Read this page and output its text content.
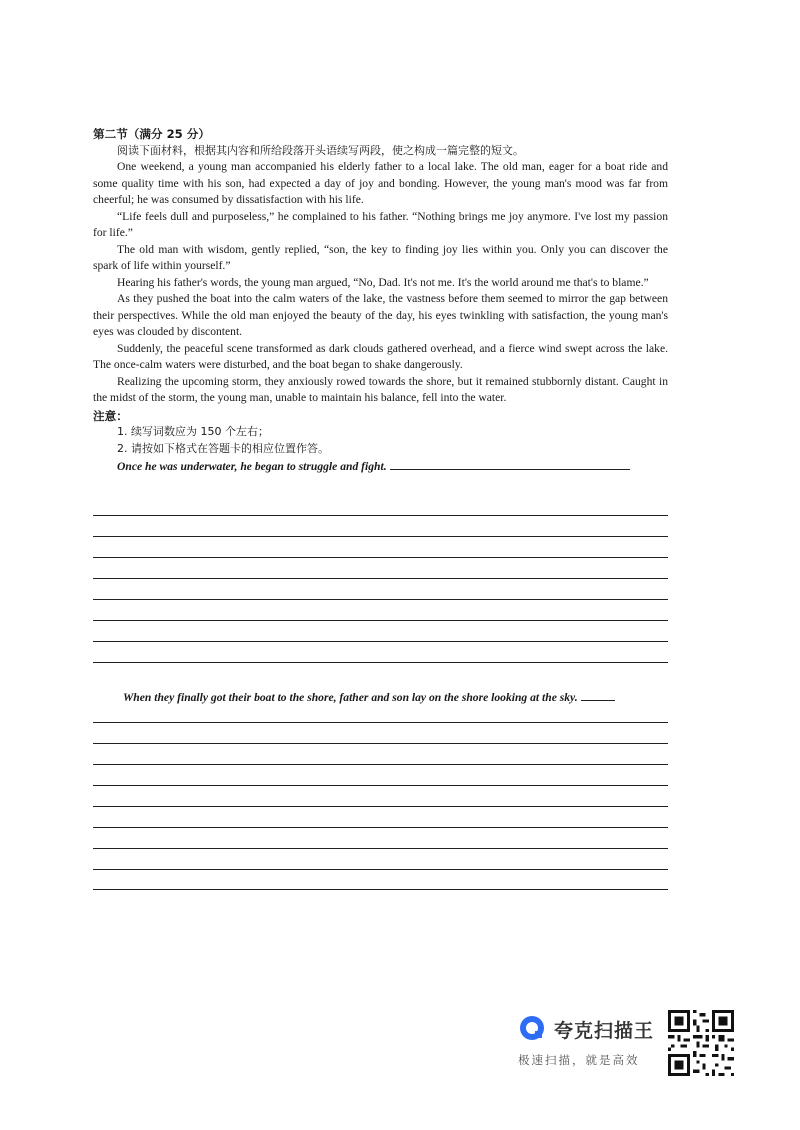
第二节（满分 25 分）

阅读下面材料，根据其内容和所给段落开头语续写两段，使之构成一篇完整的短文。

One weekend, a young man accompanied his elderly father to a local lake. The old man, eager for a boat ride and some quality time with his son, had expected a day of joy and bonding. However, the young man's mood was far from cheerful; he was consumed by dissatisfaction with his life.

“Life feels dull and purposeless,” he complained to his father. “Nothing brings me joy anymore. I've lost my passion for life.”

The old man with wisdom, gently replied, “son, the key to finding joy lies within you. Only you can discover the spark of life within yourself.”

Hearing his father's words, the young man argued, “No, Dad. It's not me. It's the world around me that's to blame.”

As they pushed the boat into the calm waters of the lake, the vastness before them seemed to mirror the gap between their perspectives. While the old man enjoyed the beauty of the day, his eyes twinkling with satisfaction, the young man's eyes was clouded by discontent.

Suddenly, the peaceful scene transformed as dark clouds gathered overhead, and a fierce wind swept across the lake. The once-calm waters were disturbed, and the boat began to shake dangerously.

Realizing the upcoming storm, they anxiously rowed towards the shore, but it remained stubbornly distant. Caught in the midst of the storm, the young man, unable to maintain his balance, fell into the water.

注意：

1. 续写词数应为 150 个左右；

2. 请按如下格式在答题卡的相应位置作答。

Once he was underwater, he began to struggle and fight.

When they finally got their boat to the shore, father and son lay on the shore looking at the sky.

夸克扫描王
极速扫描，就是高效
